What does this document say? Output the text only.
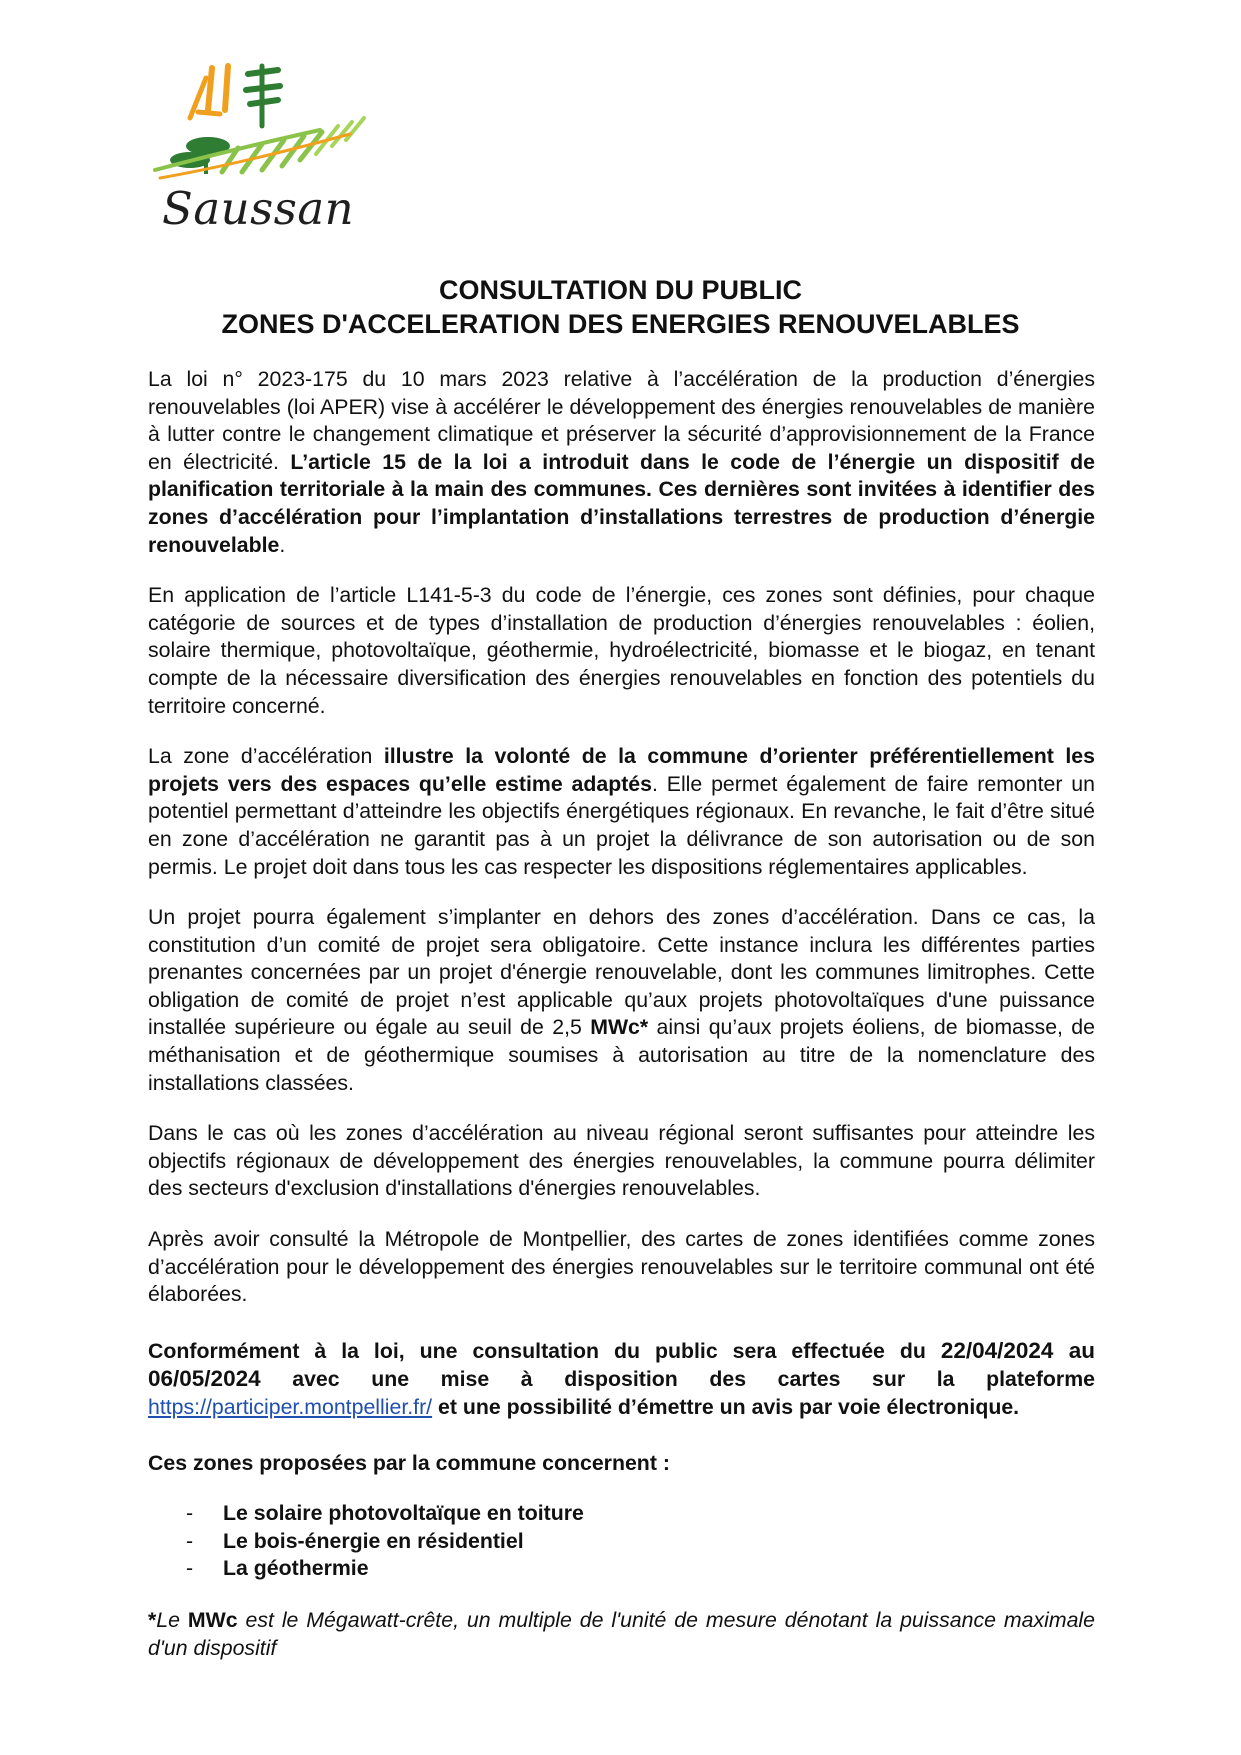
Saussan
CONSULTATION DU PUBLIC
ZONES D'ACCELERATION DES ENERGIES RENOUVELABLES

La loi n° 2023-175 du 10 mars 2023 relative à l’accélération de la production d’énergies renouvelables (loi APER) vise à accélérer le développement des énergies renouvelables de manière à lutter contre le changement climatique et préserver la sécurité d’approvisionnement de la France en électricité. L’article 15 de la loi a introduit dans le code de l’énergie un dispositif de planification territoriale à la main des communes. Ces dernières sont invitées à identifier des zones d’accélération pour l’implantation d’installations terrestres de production d’énergie renouvelable.

En application de l’article L141-5-3 du code de l’énergie, ces zones sont définies, pour chaque catégorie de sources et de types d’installation de production d’énergies renouvelables : éolien, solaire thermique, photovoltaïque, géothermie, hydroélectricité, biomasse et le biogaz, en tenant compte de la nécessaire diversification des énergies renouvelables en fonction des potentiels du territoire concerné.

La zone d’accélération illustre la volonté de la commune d’orienter préférentiellement les projets vers des espaces qu’elle estime adaptés. Elle permet également de faire remonter un potentiel permettant d’atteindre les objectifs énergétiques régionaux. En revanche, le fait d’être situé en zone d’accélération ne garantit pas à un projet la délivrance de son autorisation ou de son permis. Le projet doit dans tous les cas respecter les dispositions réglementaires applicables.

Un projet pourra également s’implanter en dehors des zones d’accélération. Dans ce cas, la constitution d’un comité de projet sera obligatoire. Cette instance inclura les différentes parties prenantes concernées par un projet d'énergie renouvelable, dont les communes limitrophes. Cette obligation de comité de projet n’est applicable qu’aux projets photovoltaïques d'une puissance installée supérieure ou égale au seuil de 2,5 MWc* ainsi qu’aux projets éoliens, de biomasse, de méthanisation et de géothermique soumises à autorisation au titre de la nomenclature des installations classées.

Dans le cas où les zones d’accélération au niveau régional seront suffisantes pour atteindre les objectifs régionaux de développement des énergies renouvelables, la commune pourra délimiter des secteurs d'exclusion d'installations d'énergies renouvelables.

Après avoir consulté la Métropole de Montpellier, des cartes de zones identifiées comme zones d’accélération pour le développement des énergies renouvelables sur le territoire communal ont été élaborées.

Conformément à la loi, une consultation du public sera effectuée du 22/04/2024 au 06/05/2024 avec une mise à disposition des cartes sur la plateforme https://participer.montpellier.fr/ et une possibilité d’émettre un avis par voie électronique.

Ces zones proposées par la commune concernent :

- Le solaire photovoltaïque en toiture
- Le bois-énergie en résidentiel
- La géothermie

*Le MWc est le Mégawatt-crête, un multiple de l'unité de mesure dénotant la puissance maximale d'un dispositif
